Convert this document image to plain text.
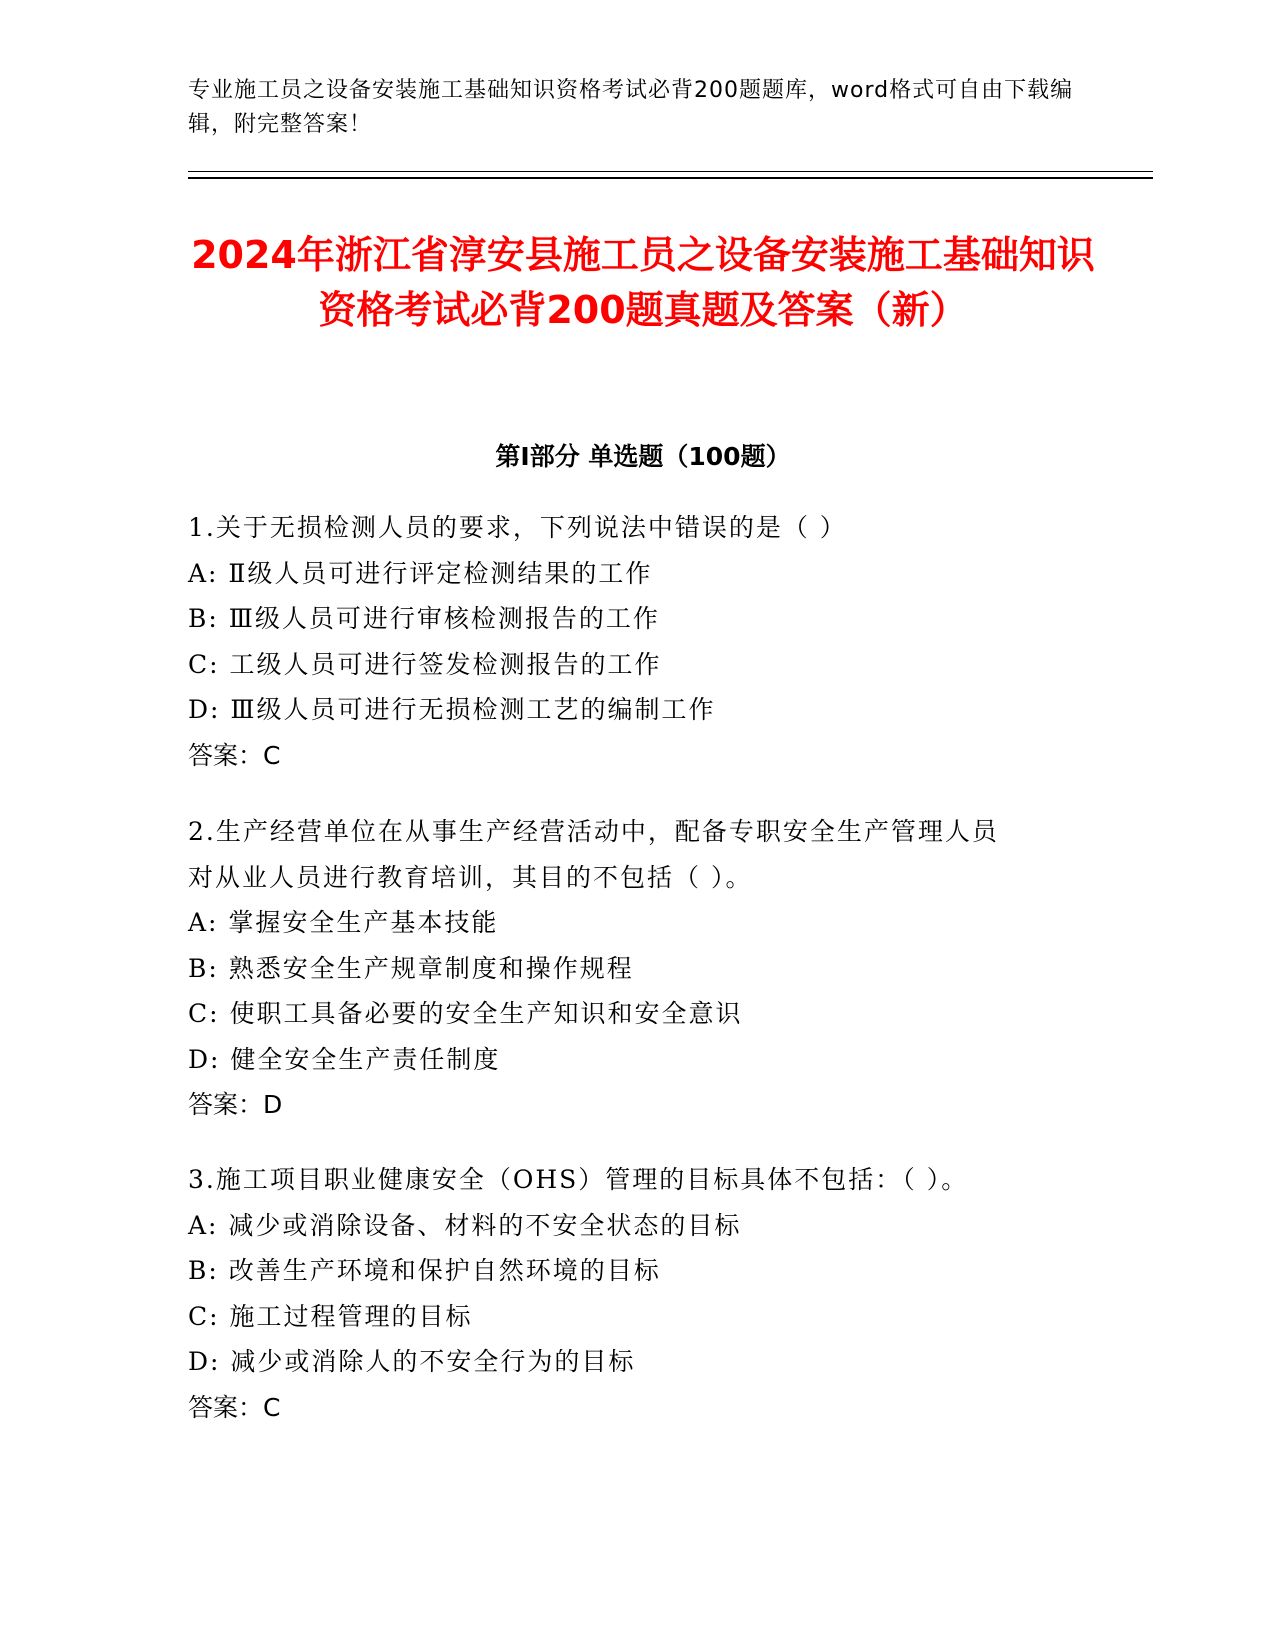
专业施工员之设备安装施工基础知识资格考试必背200题题库，word格式可自由下载编辑，附完整答案！
2024年浙江省淳安县施工员之设备安装施工基础知识资格考试必背200题真题及答案（新）
第Ⅰ部分 单选题（100题）
1.关于无损检测人员的要求，下列说法中错误的是（ ）
A: Ⅱ级人员可进行评定检测结果的工作
B: Ⅲ级人员可进行审核检测报告的工作
C: 工级人员可进行签发检测报告的工作
D: Ⅲ级人员可进行无损检测工艺的编制工作
答案：C
2.生产经营单位在从事生产经营活动中，配备专职安全生产管理人员
对从业人员进行教育培训，其目的不包括（ ）。
A: 掌握安全生产基本技能
B: 熟悉安全生产规章制度和操作规程
C: 使职工具备必要的安全生产知识和安全意识
D: 健全安全生产责任制度
答案：D
3.施工项目职业健康安全（OHS）管理的目标具体不包括：（ ）。
A: 减少或消除设备、材料的不安全状态的目标
B: 改善生产环境和保护自然环境的目标
C: 施工过程管理的目标
D: 减少或消除人的不安全行为的目标
答案：C
